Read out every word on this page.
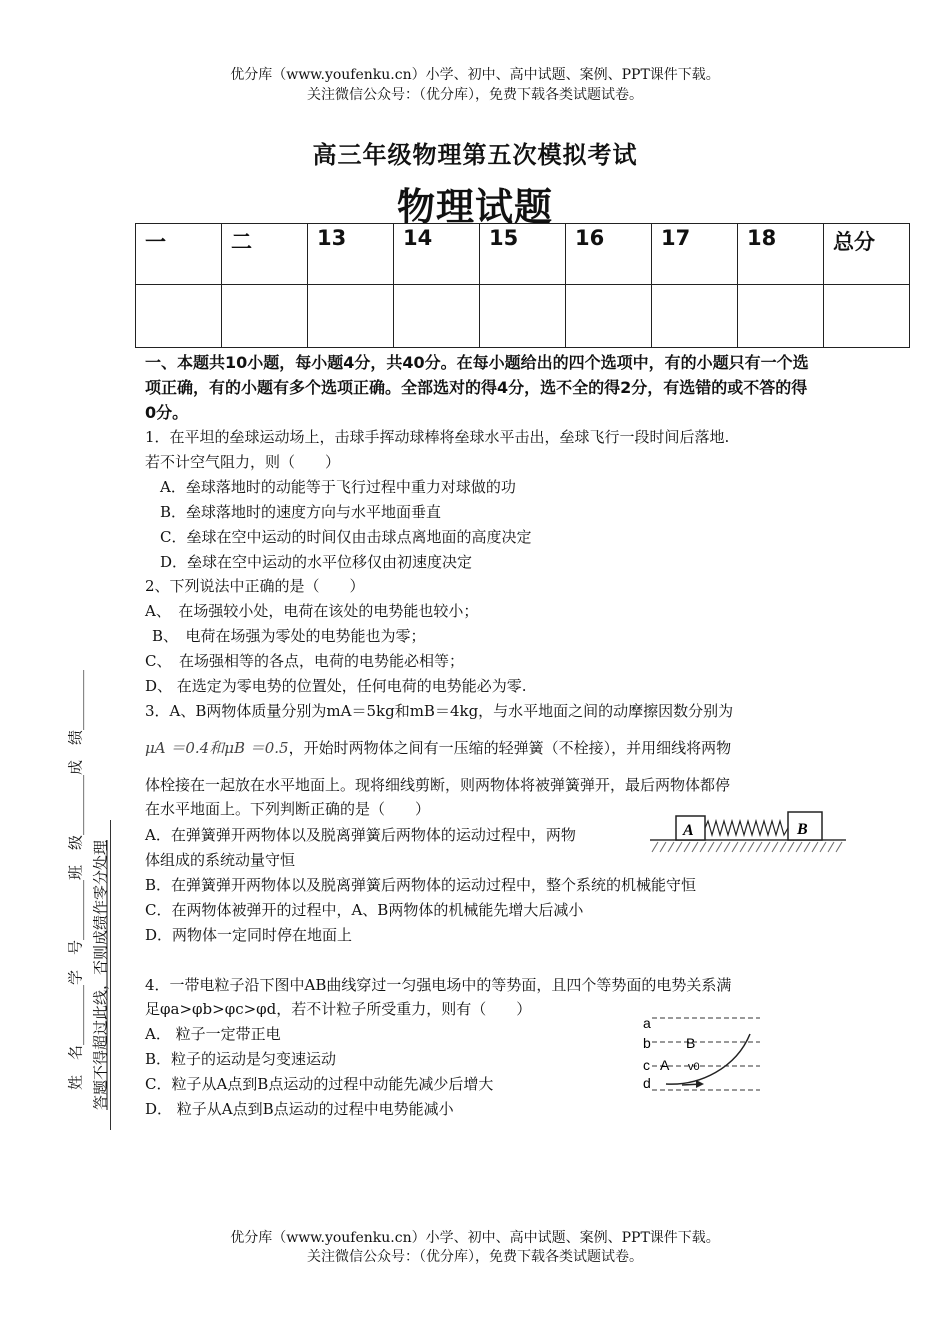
优分库（www.youfenku.cn）小学、初中、高中试题、案例、PPT课件下载。
关注微信公众号：（优分库），免费下载各类试题试卷。
高三年级物理第五次模拟考试
物理试题
一	二	13	14	15	16	17	18	总分

一、本题共10小题，每小题4分，共40分。在每小题给出的四个选项中，有的小题只有一个选项正确，有的小题有多个选项正确。全部选对的得4分，选不全的得2分，有选错的或不答的得0分。
1．在平坦的垒球运动场上，击球手挥动球棒将垒球水平击出，垒球飞行一段时间后落地.
若不计空气阻力，则（　　）
A．垒球落地时的动能等于飞行过程中重力对球做的功
B．垒球落地时的速度方向与水平地面垂直
C．垒球在空中运动的时间仅由击球点离地面的高度决定
D．垒球在空中运动的水平位移仅由初速度决定
2、下列说法中正确的是（　　）
A、　在场强较小处，电荷在该处的电势能也较小；
B、　电荷在场强为零处的电势能也为零；
C、　在场强相等的各点，电荷的电势能必相等；
D、 在选定为零电势的位置处，任何电荷的电势能必为零.
3．A、B两物体质量分别为mA＝5kg和mB＝4kg，与水平地面之间的动摩擦因数分别为
μA ＝0.4和μB ＝0.5，开始时两物体之间有一压缩的轻弹簧（不栓接），并用细线将两物
体栓接在一起放在水平地面上。现将细线剪断，则两物体将被弹簧弹开，最后两物体都停
在水平地面上。下列判断正确的是（　　）
A．在弹簧弹开两物体以及脱离弹簧后两物体的运动过程中，两物
体组成的系统动量守恒
B．在弹簧弹开两物体以及脱离弹簧后两物体的运动过程中，整个系统的机械能守恒
C．在两物体被弹开的过程中，A、B两物体的机械能先增大后减小
D．两物体一定同时停在地面上
A	B
4．一带电粒子沿下图中AB曲线穿过一匀强电场中的等势面，且四个等势面的电势关系满
足φa>φb>φc>φd，若不计粒子所受重力，则有（　　）
A． 粒子一定带正电
B．粒子的运动是匀变速运动
C．粒子从A点到B点运动的过程中动能先减少后增大
D． 粒子从A点到B点运动的过程中电势能减小
a
b
c
d
A
B
v0
姓　名________学　号________班　级________成　绩________ 答题不得超过此线，否则成绩作零分处理
优分库（www.youfenku.cn）小学、初中、高中试题、案例、PPT课件下载。
关注微信公众号：（优分库），免费下载各类试题试卷。
